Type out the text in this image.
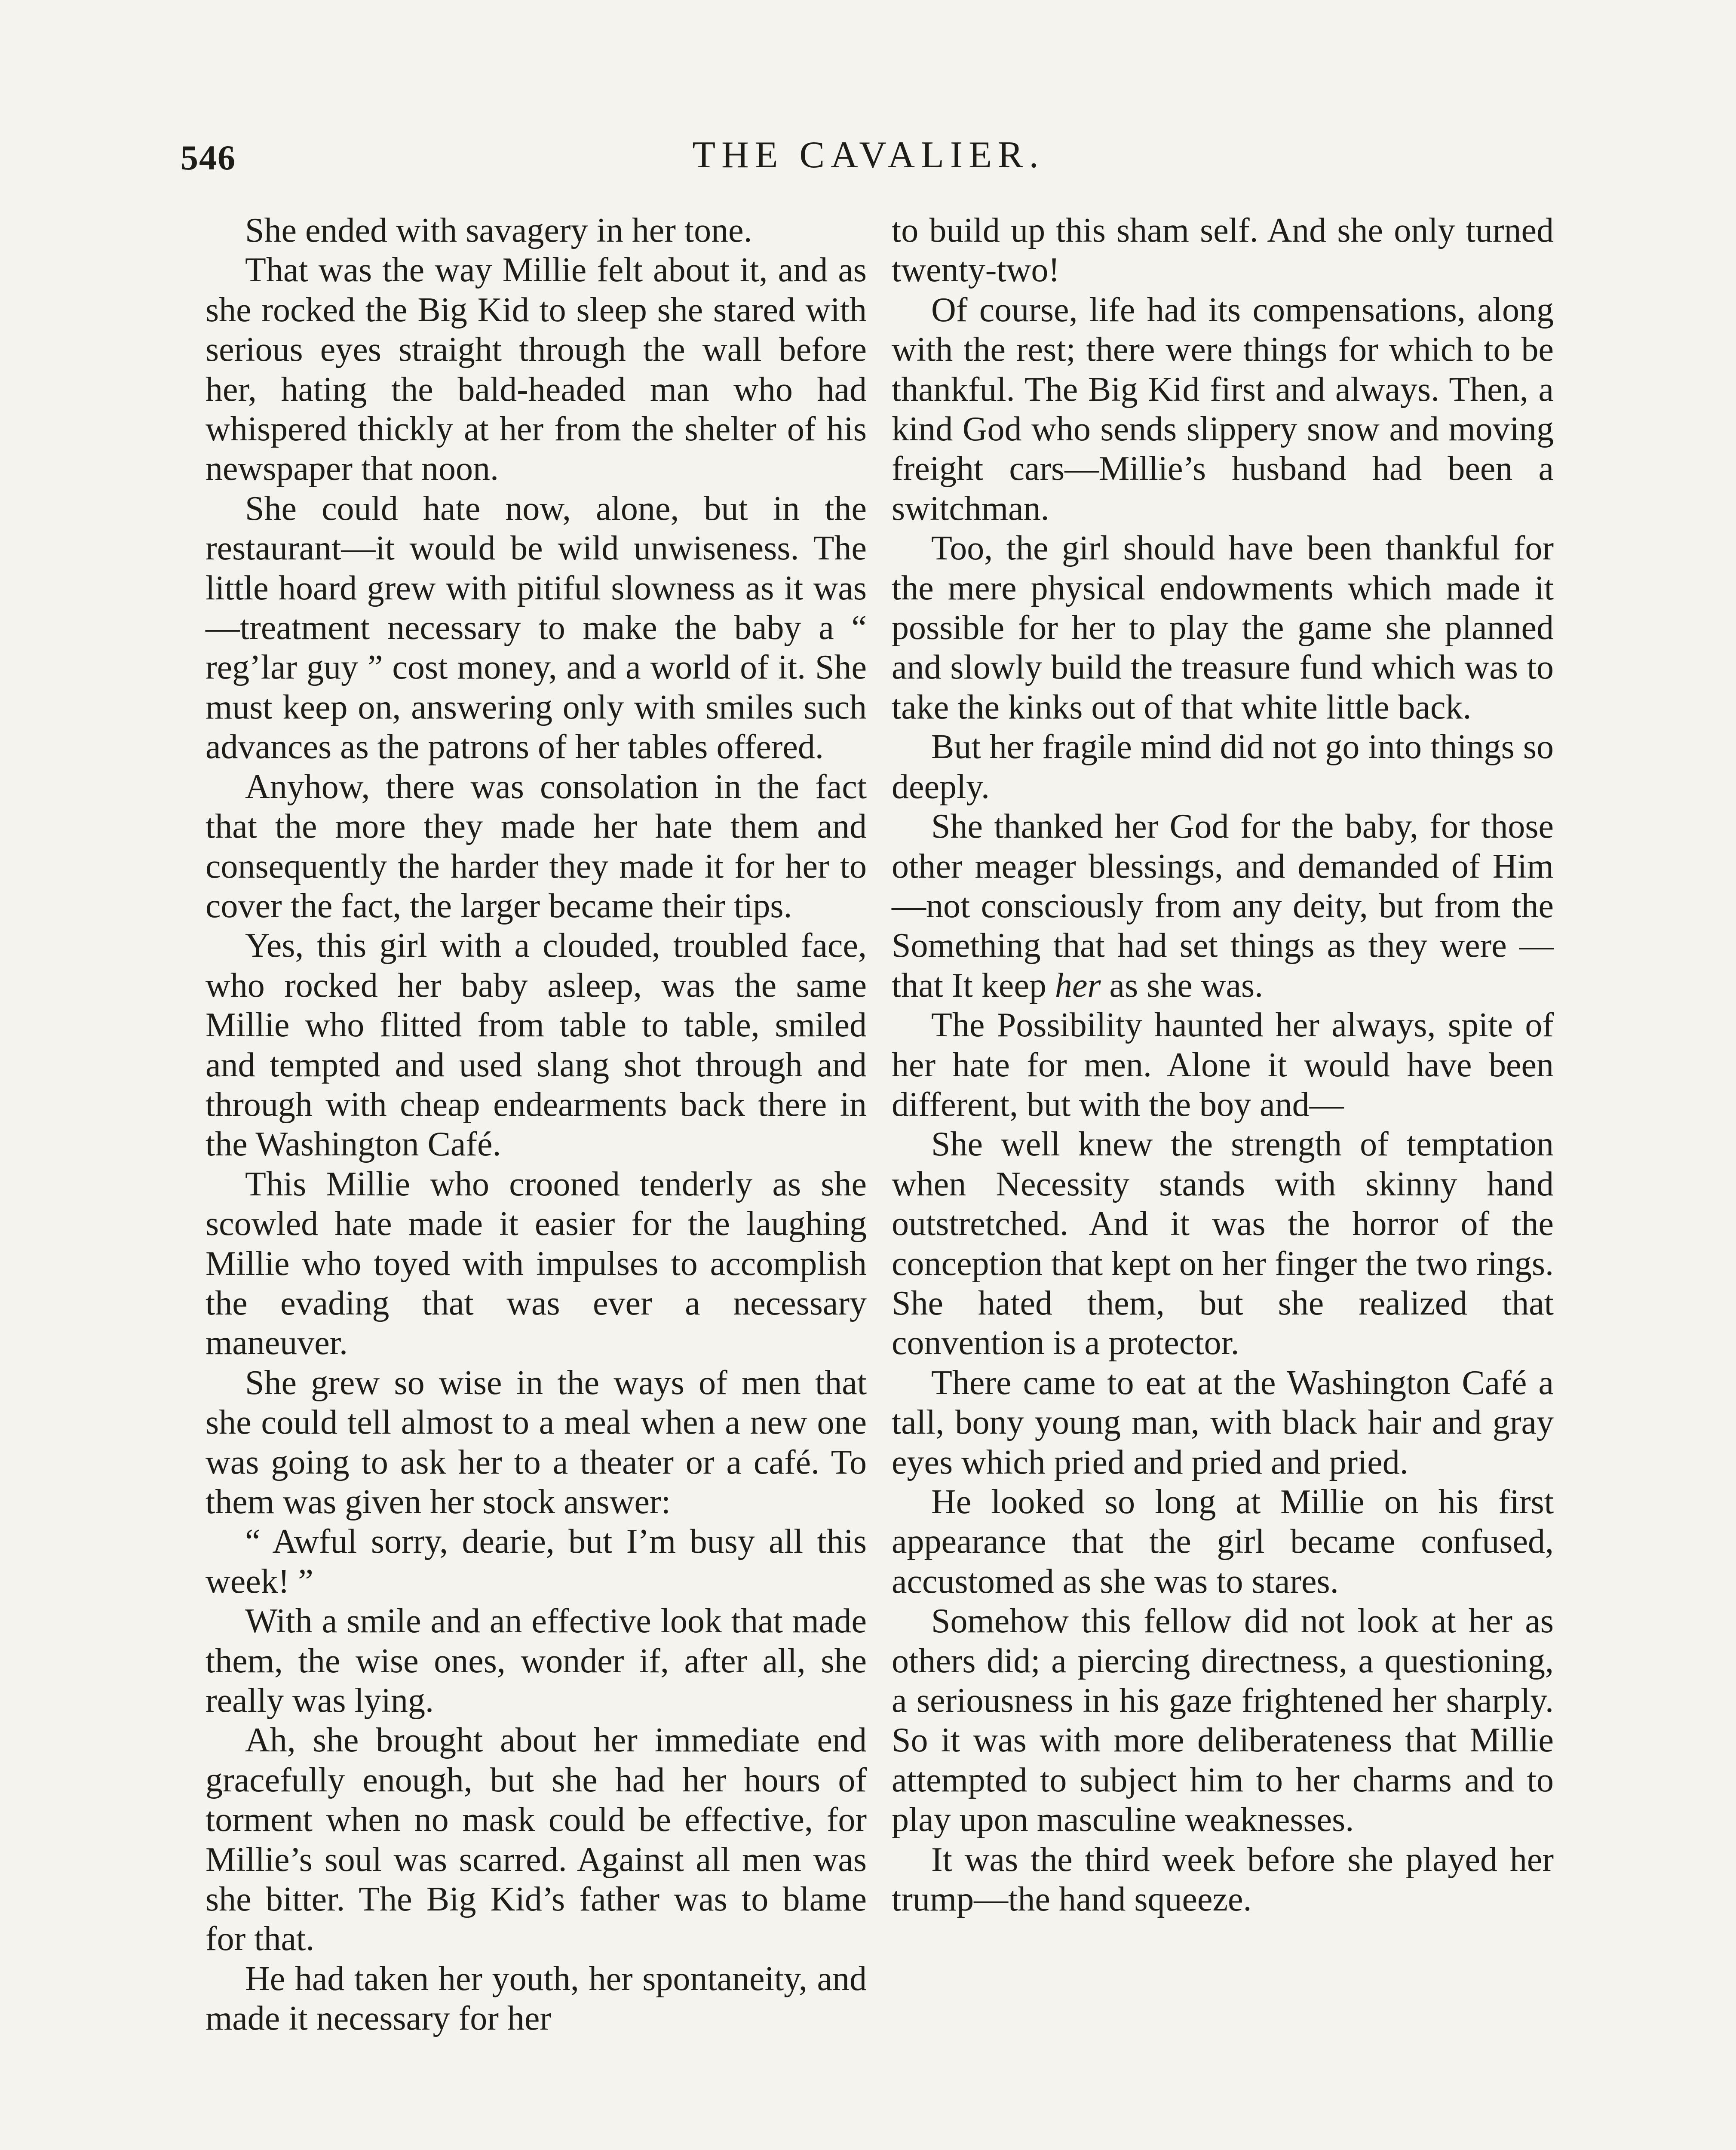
546	THE CAVALIER.

She ended with savagery in her tone.

That was the way Millie felt about it, and as she rocked the Big Kid to sleep she stared with serious eyes straight through the wall before her, hating the bald-headed man who had whispered thickly at her from the shelter of his newspaper that noon.

She could hate now, alone, but in the restaurant—it would be wild unwiseness. The little hoard grew with pitiful slowness as it was—treatment necessary to make the baby a “ reg’lar guy ” cost money, and a world of it. She must keep on, answering only with smiles such advances as the patrons of her tables offered.

Anyhow, there was consolation in the fact that the more they made her hate them and consequently the harder they made it for her to cover the fact, the larger became their tips.

Yes, this girl with a clouded, troubled face, who rocked her baby asleep, was the same Millie who flitted from table to table, smiled and tempted and used slang shot through and through with cheap endearments back there in the Washington Café.

This Millie who crooned tenderly as she scowled hate made it easier for the laughing Millie who toyed with impulses to accomplish the evading that was ever a necessary maneuver.

She grew so wise in the ways of men that she could tell almost to a meal when a new one was going to ask her to a theater or a café. To them was given her stock answer:

“ Awful sorry, dearie, but I’m busy all this week! ”

With a smile and an effective look that made them, the wise ones, wonder if, after all, she really was lying.

Ah, she brought about her immediate end gracefully enough, but she had her hours of torment when no mask could be effective, for Millie’s soul was scarred. Against all men was she bitter. The Big Kid’s father was to blame for that.

He had taken her youth, her spontaneity, and made it necessary for her

to build up this sham self. And she only turned twenty-two!

Of course, life had its compensations, along with the rest; there were things for which to be thankful. The Big Kid first and always. Then, a kind God who sends slippery snow and moving freight cars—Millie’s husband had been a switchman.

Too, the girl should have been thankful for the mere physical endowments which made it possible for her to play the game she planned and slowly build the treasure fund which was to take the kinks out of that white little back.

But her fragile mind did not go into things so deeply.

She thanked her God for the baby, for those other meager blessings, and demanded of Him—not consciously from any deity, but from the Something that had set things as they were —that It keep her as she was.

The Possibility haunted her always, spite of her hate for men. Alone it would have been different, but with the boy and—

She well knew the strength of temptation when Necessity stands with skinny hand outstretched. And it was the horror of the conception that kept on her finger the two rings. She hated them, but she realized that convention is a protector.

There came to eat at the Washington Café a tall, bony young man, with black hair and gray eyes which pried and pried and pried.

He looked so long at Millie on his first appearance that the girl became confused, accustomed as she was to stares.

Somehow this fellow did not look at her as others did; a piercing directness, a questioning, a seriousness in his gaze frightened her sharply. So it was with more deliberateness that Millie attempted to subject him to her charms and to play upon masculine weaknesses.

It was the third week before she played her trump—the hand squeeze.
